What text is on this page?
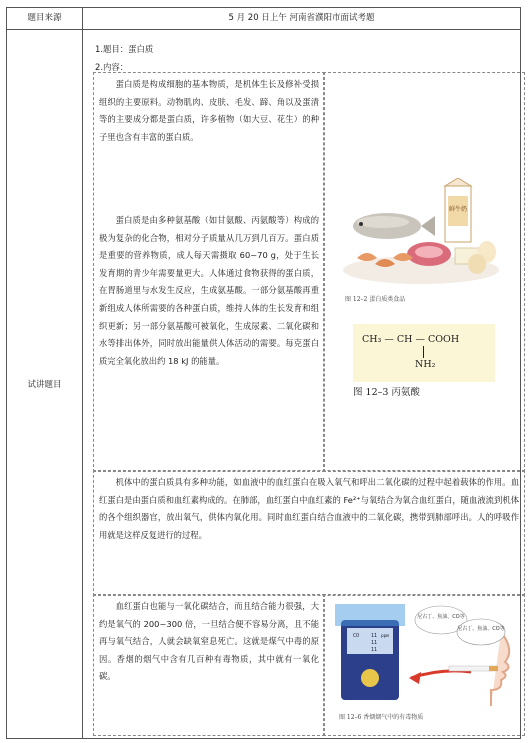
题目来源	5 月 20 日上午 河南省濮阳市面试考题
试讲题目
1.题目：蛋白质
2.内容：

蛋白质是构成细胞的基本物质，是机体生长及修补受损组织的主要原料。动物肌肉、皮肤、毛发、蹄、角以及蛋清等的主要成分都是蛋白质，许多植物（如大豆、花生）的种子里也含有丰富的蛋白质。

蛋白质是由多种氨基酸（如甘氨酸、丙氨酸等）构成的极为复杂的化合物，相对分子质量从几万到几百万。蛋白质是重要的营养物质，成人每天需摄取 60~70 g，处于生长发育期的青少年需要量更大。人体通过食物获得的蛋白质，在胃肠道里与水发生反应，生成氨基酸。一部分氨基酸再重新组成人体所需要的各种蛋白质，维持人体的生长发育和组织更新；另一部分氨基酸可被氧化，生成尿素、二氧化碳和水等排出体外，同时放出能量供人体活动的需要。每克蛋白质完全氧化放出约 18 kJ 的能量。

鲜牛奶
图 12–2 蛋白质类食品
CH₃ — CH — COOH
NH₂
图 12–3 丙氨酸

机体中的蛋白质具有多种功能，如血液中的血红蛋白在吸入氧气和呼出二氧化碳的过程中起着载体的作用。血红蛋白是由蛋白质和血红素构成的。在肺部，血红蛋白中血红素的 Fe²⁺与氧结合为氧合血红蛋白，随血液流到机体的各个组织器官，放出氧气，供体内氧化用。同时血红蛋白结合血液中的二氧化碳，携带到肺部呼出。人的呼吸作用就是这样反复进行的过程。

血红蛋白也能与一氧化碳结合，而且结合能力很强，大约是氧气的 200~300 倍，一旦结合便不容易分离，且不能再与氧气结合，人就会缺氧窒息死亡。这就是煤气中毒的原因。香烟的烟气中含有几百种有毒物质，其中就有一氧化碳。

CO 11
11
11
ppm
尼古丁、焦油、CO等
尼古丁、焦油、CO等
图 12–6 香烟烟气中的有毒物质
